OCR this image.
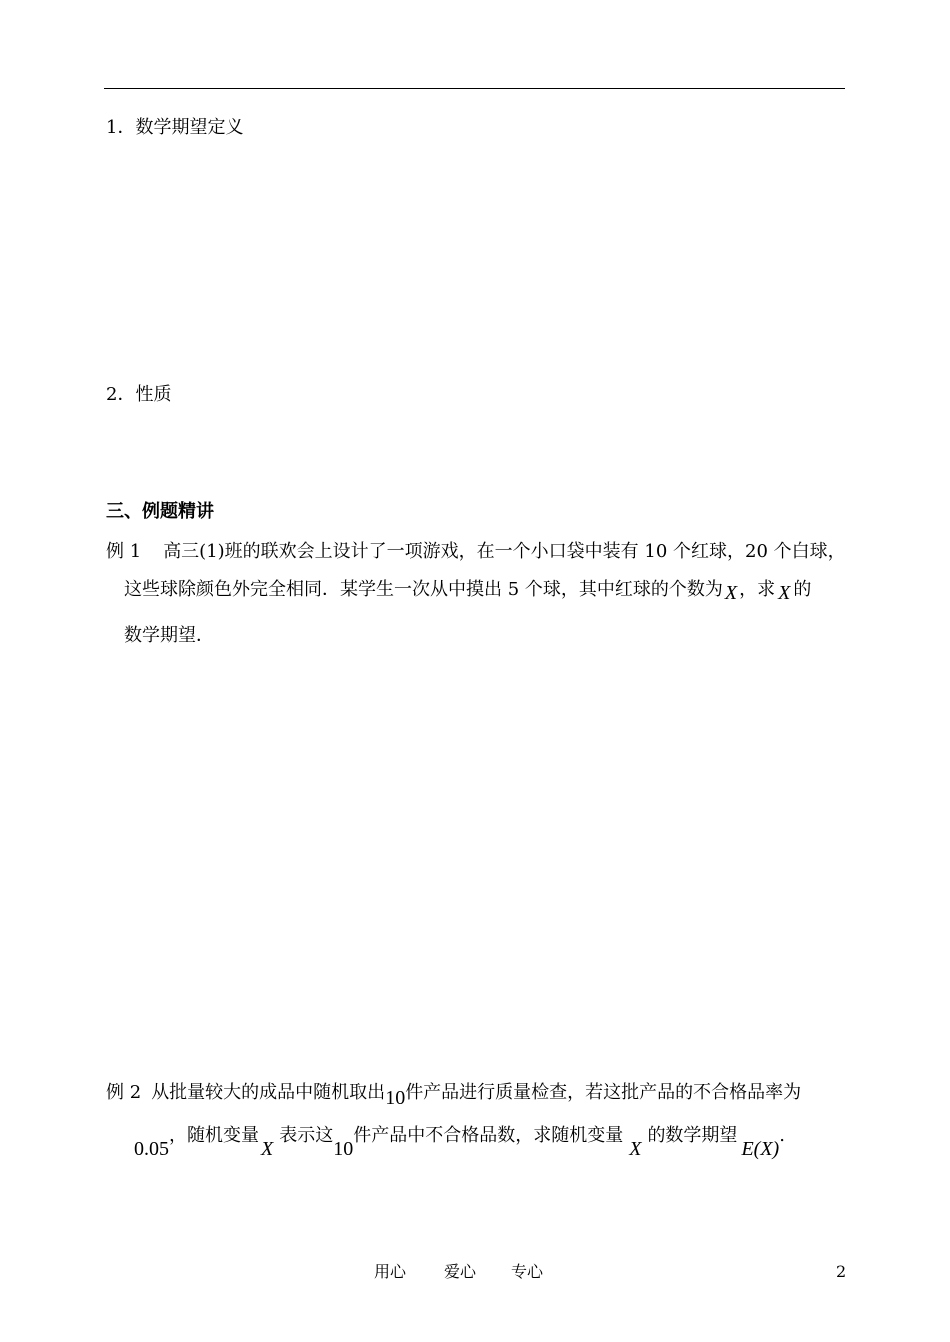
1．数学期望定义
2．性质
三、例题精讲
例 1 高三(1)班的联欢会上设计了一项游戏，在一个小口袋中装有 10 个红球，20 个白球，
这些球除颜色外完全相同．某学生一次从中摸出 5 个球，其中红球的个数为 X ，求 X 的
数学期望．
例 2 从批量较大的成品中随机取出10件产品进行质量检查，若这批产品的不合格品率为
0.05，随机变量X表示这10件产品中不合格品数，求随机变量X的数学期望E(X).
用心 爱心 专心	2
